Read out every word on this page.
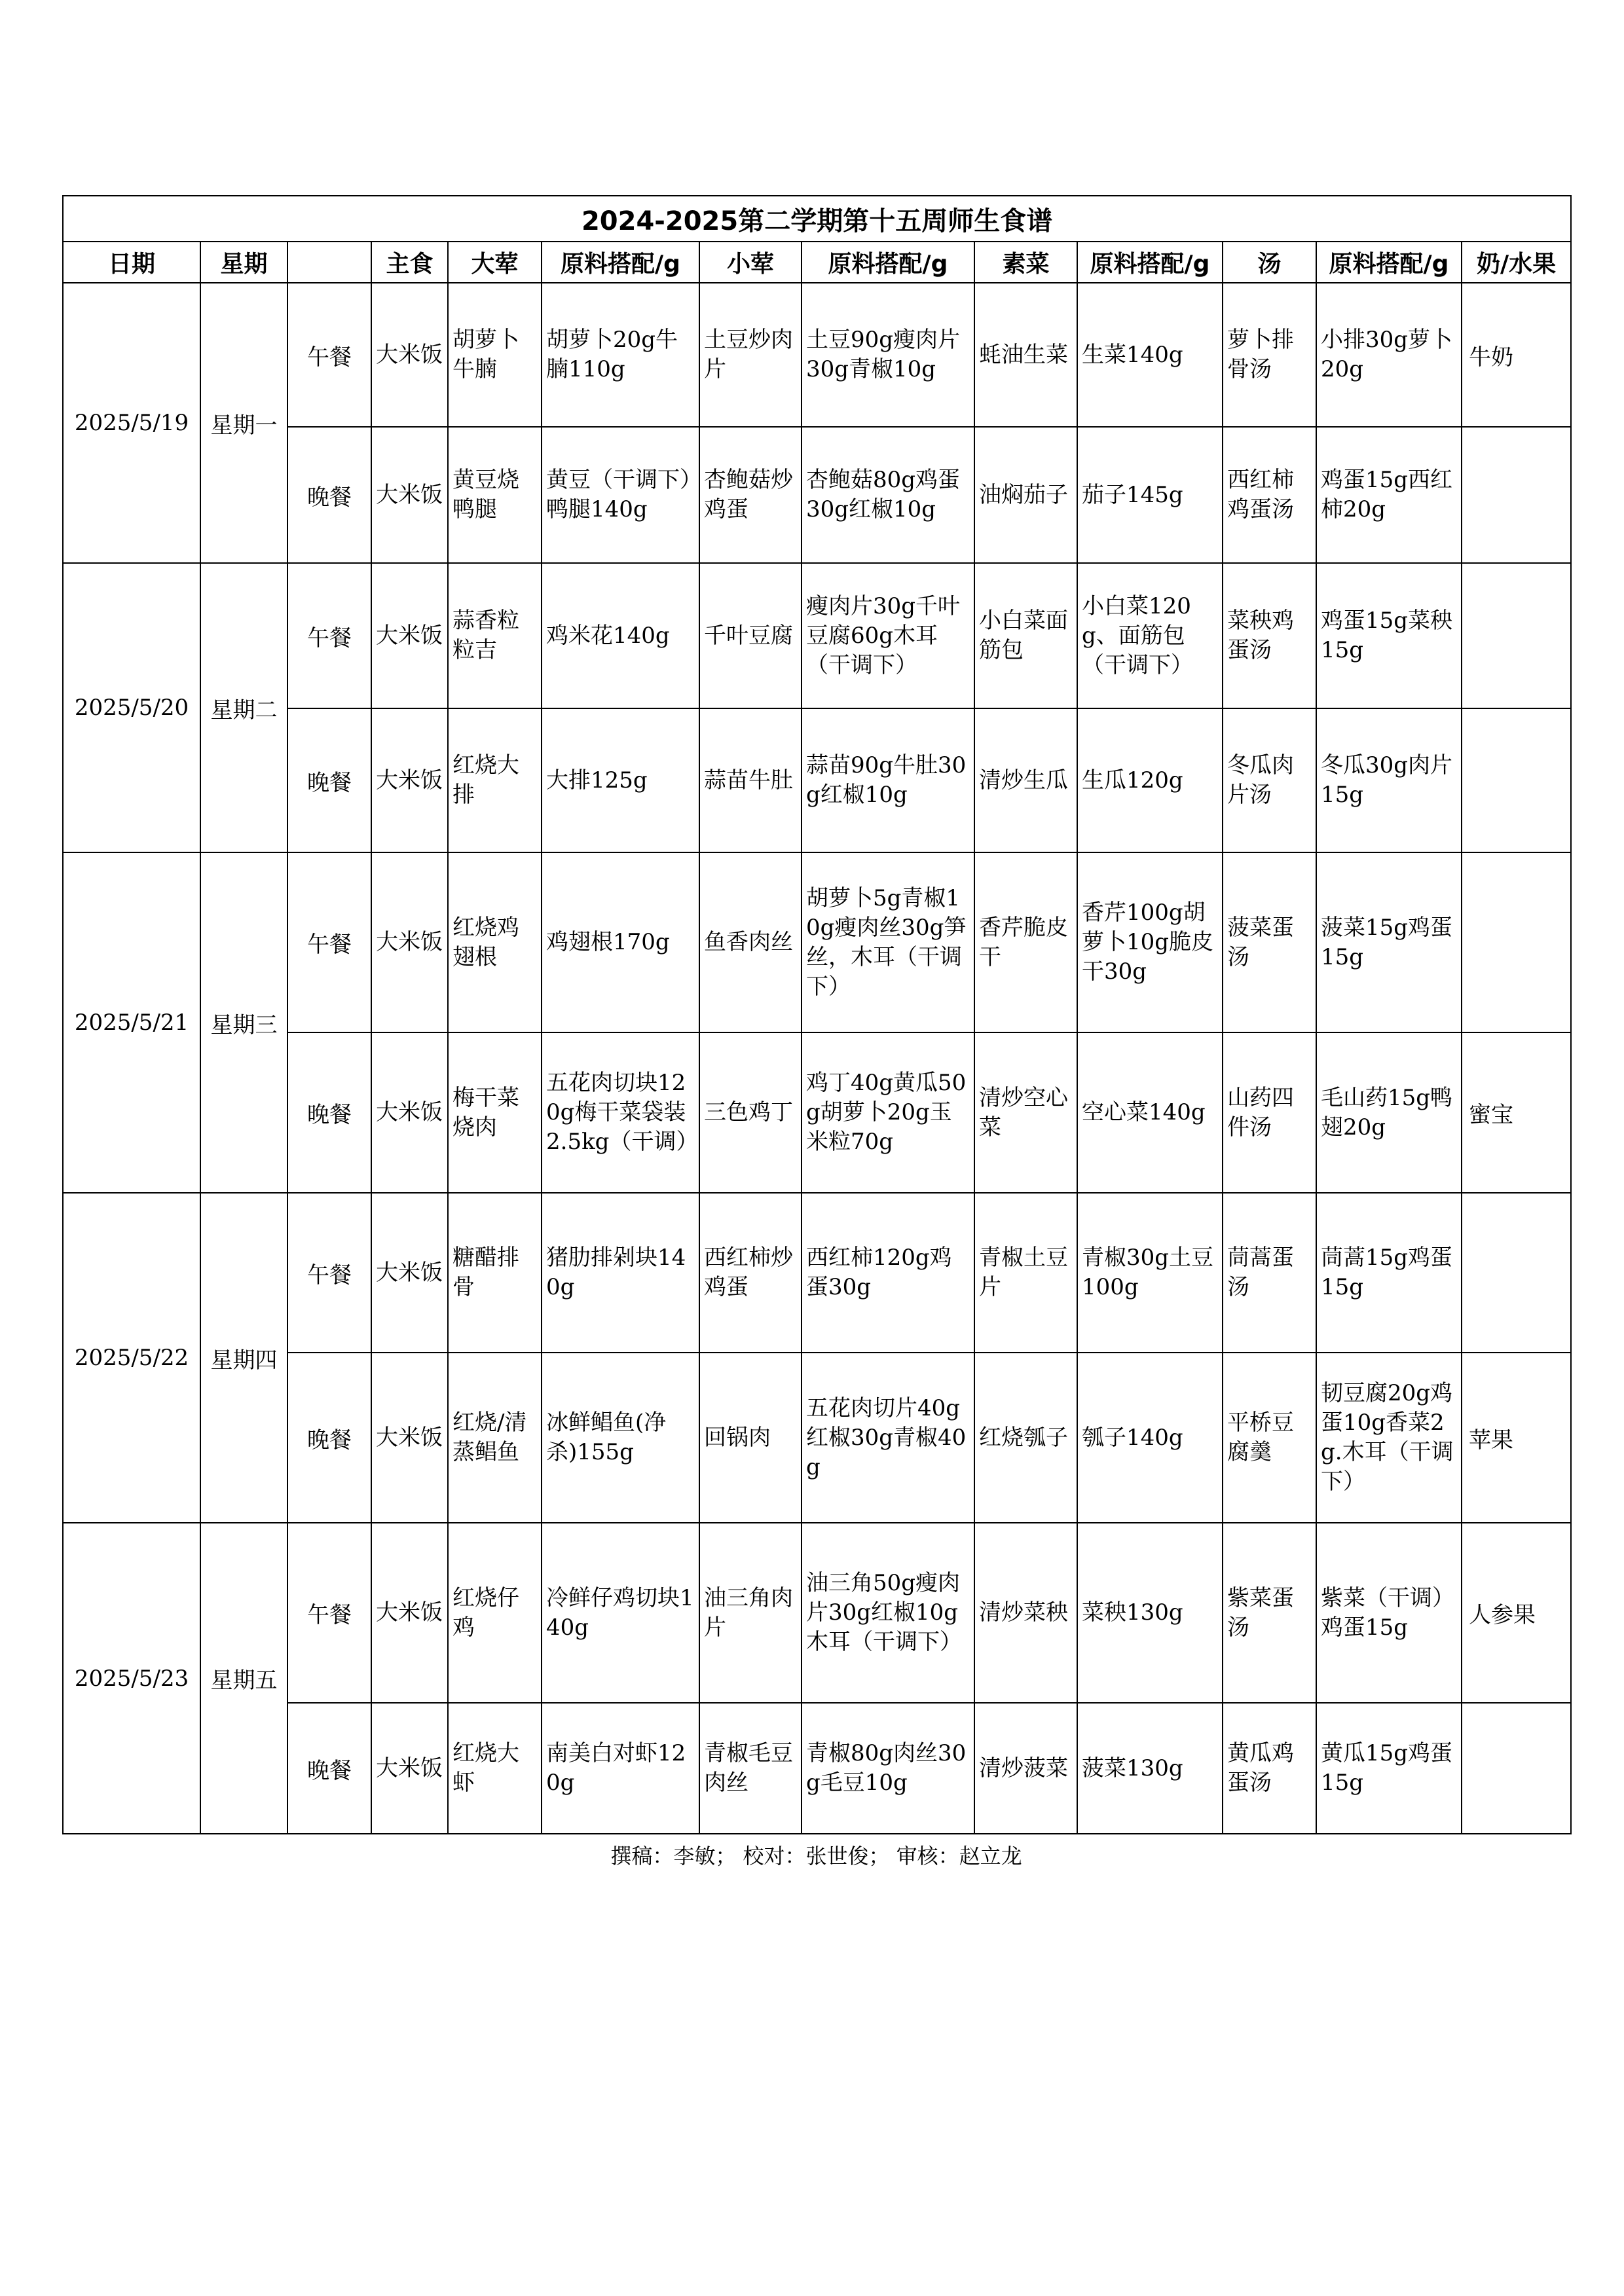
2024-2025第二学期第十五周师生食谱												
日期	星期		主食	大荤	原料搭配/g	小荤	原料搭配/g	素菜	原料搭配/g	汤	原料搭配/g	奶/水果
2025/5/19	星期一	午餐	大米饭	胡萝卜牛腩	胡萝卜20g牛腩110g	土豆炒肉片	土豆90g瘦肉片30g青椒10g	蚝油生菜	生菜140g	萝卜排骨汤	小排30g萝卜20g	牛奶
		晚餐	大米饭	黄豆烧鸭腿	黄豆（干调下）鸭腿140g	杏鲍菇炒鸡蛋	杏鲍菇80g鸡蛋30g红椒10g	油焖茄子	茄子145g	西红柿鸡蛋汤	鸡蛋15g西红柿20g	
2025/5/20	星期二	午餐	大米饭	蒜香粒粒吉	鸡米花140g	千叶豆腐	瘦肉片30g千叶豆腐60g木耳（干调下）	小白菜面筋包	小白菜120g、面筋包（干调下）	菜秧鸡蛋汤	鸡蛋15g菜秧15g	
		晚餐	大米饭	红烧大排	大排125g	蒜苗牛肚	蒜苗90g牛肚30g红椒10g	清炒生瓜	生瓜120g	冬瓜肉片汤	冬瓜30g肉片15g	
2025/5/21	星期三	午餐	大米饭	红烧鸡翅根	鸡翅根170g	鱼香肉丝	胡萝卜5g青椒10g瘦肉丝30g笋丝，木耳（干调下）	香芹脆皮干	香芹100g胡萝卜10g脆皮干30g	菠菜蛋汤	菠菜15g鸡蛋15g	
		晚餐	大米饭	梅干菜烧肉	五花肉切块120g梅干菜袋装2.5kg（干调）	三色鸡丁	鸡丁40g黄瓜50g胡萝卜20g玉米粒70g	清炒空心菜	空心菜140g	山药四件汤	毛山药15g鸭翅20g	蜜宝
2025/5/22	星期四	午餐	大米饭	糖醋排骨	猪肋排剁块140g	西红柿炒鸡蛋	西红柿120g鸡蛋30g	青椒土豆片	青椒30g土豆100g	茼蒿蛋汤	茼蒿15g鸡蛋15g	
		晚餐	大米饭	红烧/清蒸鲳鱼	冰鲜鲳鱼(净杀)155g	回锅肉	五花肉切片40g红椒30g青椒40g	红烧瓠子	瓠子140g	平桥豆腐羹	韧豆腐20g鸡蛋10g香菜2g.木耳（干调下）	苹果
2025/5/23	星期五	午餐	大米饭	红烧仔鸡	冷鲜仔鸡切块140g	油三角肉片	油三角50g瘦肉片30g红椒10g木耳（干调下）	清炒菜秧	菜秧130g	紫菜蛋汤	紫菜（干调）鸡蛋15g	人参果
		晚餐	大米饭	红烧大虾	南美白对虾120g	青椒毛豆肉丝	青椒80g肉丝30g毛豆10g	清炒菠菜	菠菜130g	黄瓜鸡蛋汤	黄瓜15g鸡蛋15g	
撰稿：李敏； 校对：张世俊； 审核：赵立龙
